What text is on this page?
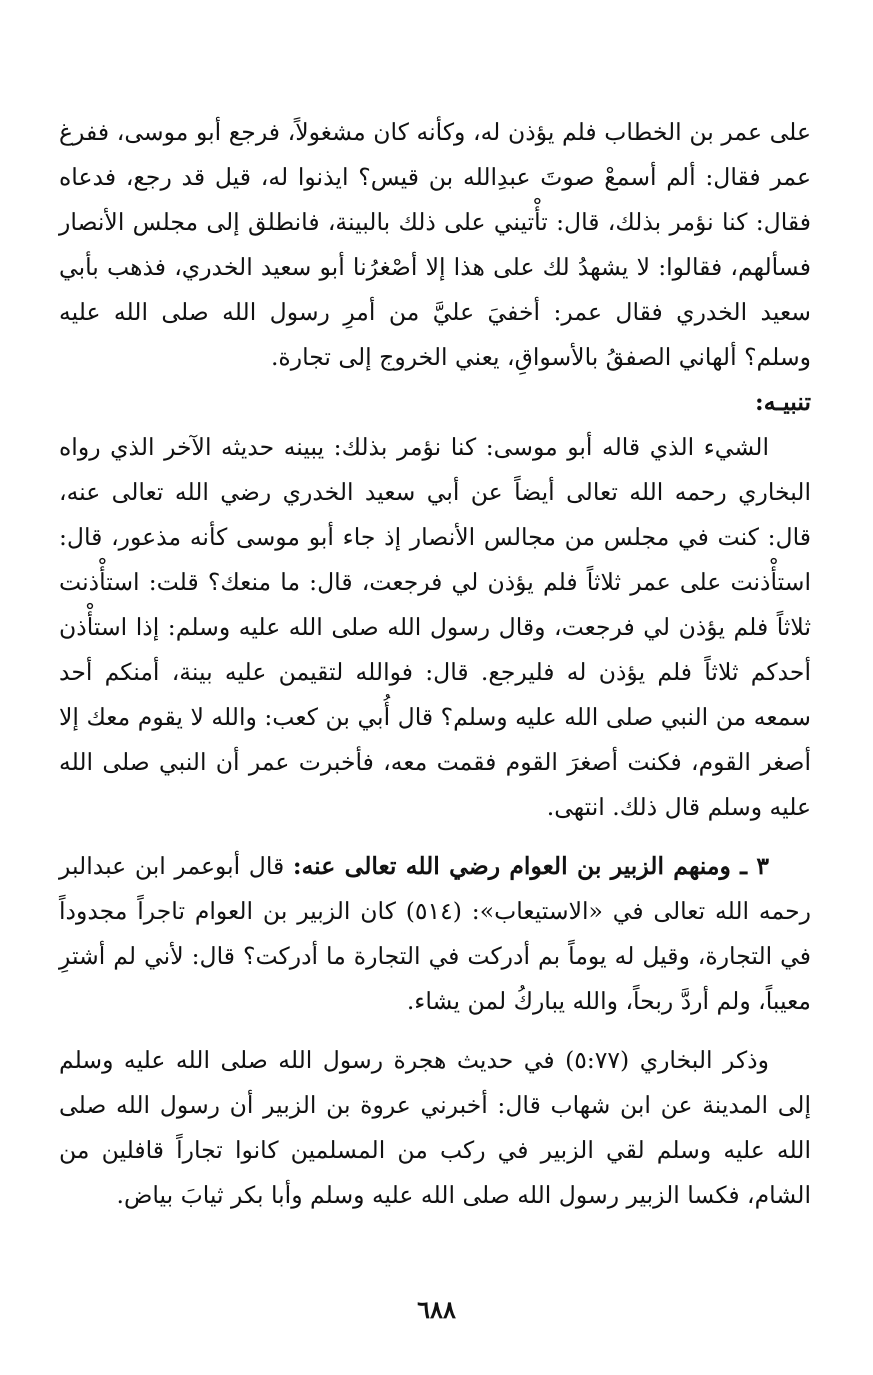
على عمر بن الخطاب فلم يؤذن له، وكأنه كان مشغولاً، فرجع أبو موسى، ففرغ عمر فقال: ألم أسمعْ صوتَ عبدِالله بن قيس؟ ايذنوا له، قيل قد رجع، فدعاه فقال: كنا نؤمر بذلك، قال: تأْتيني على ذلك بالبينة، فانطلق إلى مجلس الأنصار فسألهم، فقالوا: لا يشهدُ لك على هذا إلا أصْغرُنا أبو سعيد الخدري، فذهب بأبي سعيد الخدري فقال عمر: أخفيَ عليَّ من أمرِ رسول الله صلى الله عليه وسلم؟ ألهاني الصفقُ بالأسواقِ، يعني الخروج إلى تجارة.

تنبيـه:

الشيء الذي قاله أبو موسى: كنا نؤمر بذلك: يبينه حديثه الآخر الذي رواه البخاري رحمه الله تعالى أيضاً عن أبي سعيد الخدري رضي الله تعالى عنه، قال: كنت في مجلس من مجالس الأنصار إذ جاء أبو موسى كأنه مذعور، قال: استأْذنت على عمر ثلاثاً فلم يؤذن لي فرجعت، قال: ما منعك؟ قلت: استأْذنت ثلاثاً فلم يؤذن لي فرجعت، وقال رسول الله صلى الله عليه وسلم: إذا استأْذن أحدكم ثلاثاً فلم يؤذن له فليرجع. قال: فوالله لتقيمن عليه بينة، أمنكم أحد سمعه من النبي صلى الله عليه وسلم؟ قال أُبي بن كعب: والله لا يقوم معك إلا أصغر القوم، فكنت أصغرَ القوم فقمت معه، فأخبرت عمر أن النبي صلى الله عليه وسلم قال ذلك. انتهى.

٣ ـ ومنهم الزبير بن العوام رضي الله تعالى عنه: قال أبوعمر ابن عبدالبر رحمه الله تعالى في «الاستيعاب»: (٥١٤) كان الزبير بن العوام تاجراً مجدوداً في التجارة، وقيل له يوماً بم أدركت في التجارة ما أدركت؟ قال: لأني لم أشترِ معيباً، ولم أردَّ ربحاً، والله يباركُ لمن يشاء.

وذكر البخاري (٥:٧٧) في حديث هجرة رسول الله صلى الله عليه وسلم إلى المدينة عن ابن شهاب قال: أخبرني عروة بن الزبير أن رسول الله صلى الله عليه وسلم لقي الزبير في ركب من المسلمين كانوا تجاراً قافلين من الشام، فكسا الزبير رسول الله صلى الله عليه وسلم وأبا بكر ثيابَ بياض.

٦٨٨
